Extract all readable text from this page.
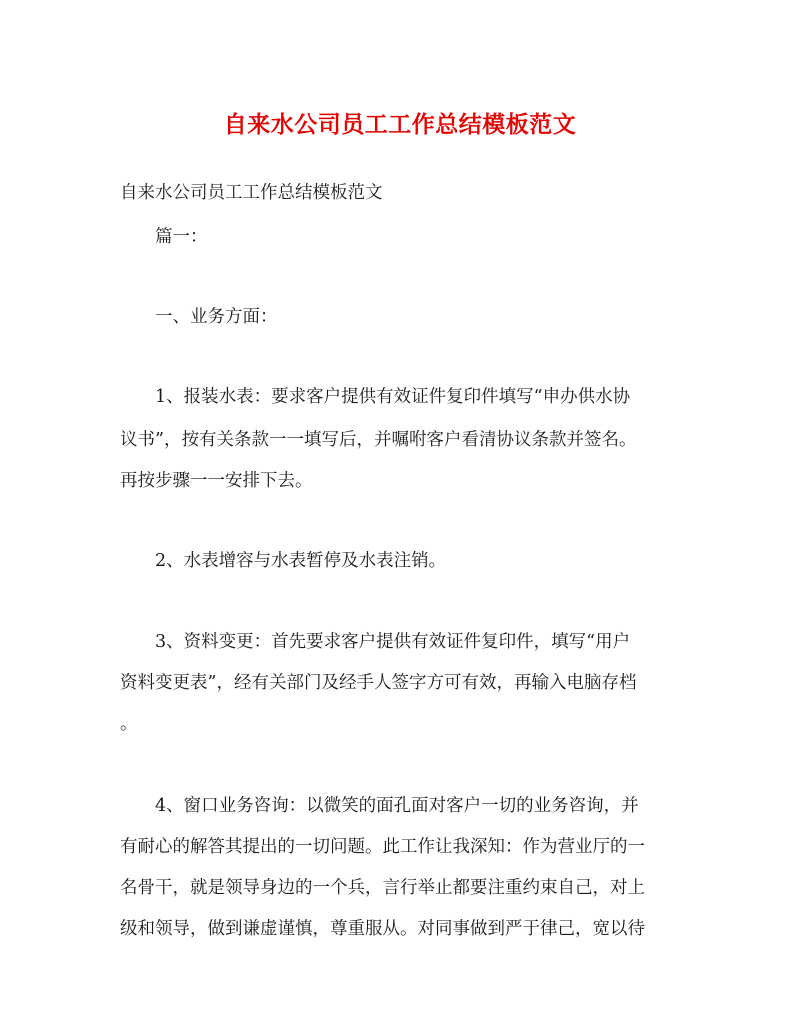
自来水公司员工工作总结模板范文

自来水公司员工工作总结模板范文

篇一：

一、业务方面：

1、报装水表：要求客户提供有效证件复印件填写“申办供水协

议书”，按有关条款一一填写后，并嘱咐客户看清协议条款并签名。

再按步骤一一安排下去。

2、水表增容与水表暂停及水表注销。

3、资料变更：首先要求客户提供有效证件复印件，填写“用户

资料变更表”，经有关部门及经手人签字方可有效，再输入电脑存档

。

4、窗口业务咨询：以微笑的面孔面对客户一切的业务咨询，并

有耐心的解答其提出的一切问题。此工作让我深知：作为营业厅的一

名骨干，就是领导身边的一个兵，言行举止都要注重约束自己，对上

级和领导，做到谦虚谨慎，尊重服从。对同事做到严于律己，宽以待
